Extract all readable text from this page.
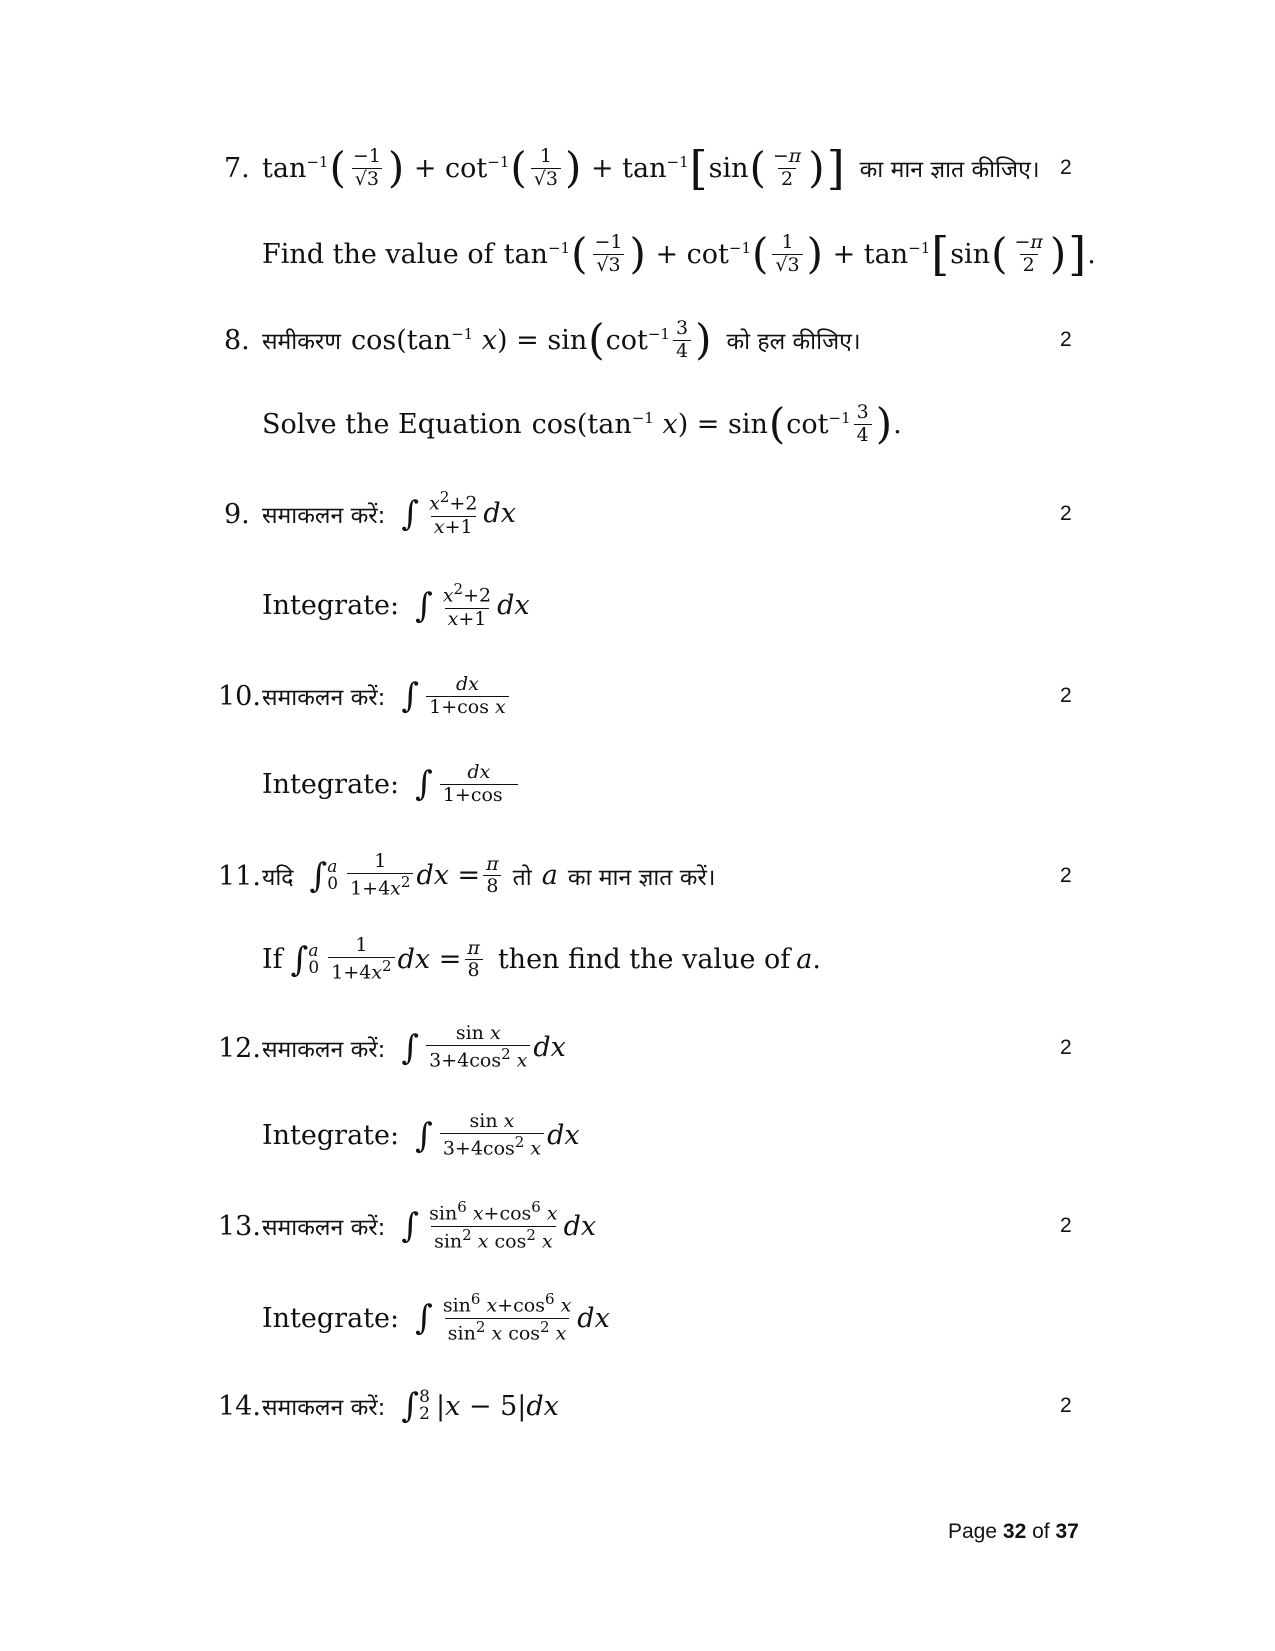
7. $\tan^{-1}$ ( $\frac{-1}{√3}$ ) + $\cot^{-1}$ ( $\frac{1}{√3}$ ) + $\tan^{-1}$ [ sin ( $\frac{-\pi}{2}$ ) ] का मान ज्ञात कीजिए। 2
Find the value of $\tan^{-1}$ ( $\frac{-1}{√3}$ ) + $\cot^{-1}$ ( $\frac{1}{√3}$ ) + $\tan^{-1}$ [ sin ( $\frac{-\pi}{2}$ ) ] .
8. समीकरण $\cos(\tan^{-1}$ x) = sin ( $\cot^{-1} \frac{3}{4}$ ) को हल कीजिए।	2
Solve the Equation $\cos(\tan^{-1}$ x) = sin ( $\cot^{-1} \frac{3}{4}$ ) .
9. समाकलन करें: ∫ $\frac{x^2+2}{x+1}$ dx	2
Integrate: ∫ $\frac{x^2+2}{x+1}$ dx
10. समाकलन करें: ∫ $\frac{dx}{\text{1+cos x}}$	2
Integrate: ∫ $\frac{dx}{1+\cos}$
11. यदि ∫ a
$0 \frac{1}{1+4x^2}$ dx = $\frac{\pi}{8}$ तो a का मान ज्ञात करें।	2
If ∫ a
$0 \frac{1}{1+4x^2}$ dx = $\frac{\pi}{8}$ then find the value of a.
12. समाकलन करें: ∫ $\frac{\text{sin x}}{3+4\cos^2 x}$ dx	2
Integrate: ∫ $\frac{\text{sin x}}{3+4\cos^2 x}$ dx
13. समाकलन करें: ∫ $\frac{\sin^6 x+\cos^6 x}{\sin^2 x \cos^2 x}$ dx	2
Integrate: ∫ $\frac{\sin^6 x+\cos^6 x}{\sin^2 x \cos^2 x}$ dx
14. समाकलन करें: ∫ 8
2 |x − 5|dx	2
Page 32 of 37
